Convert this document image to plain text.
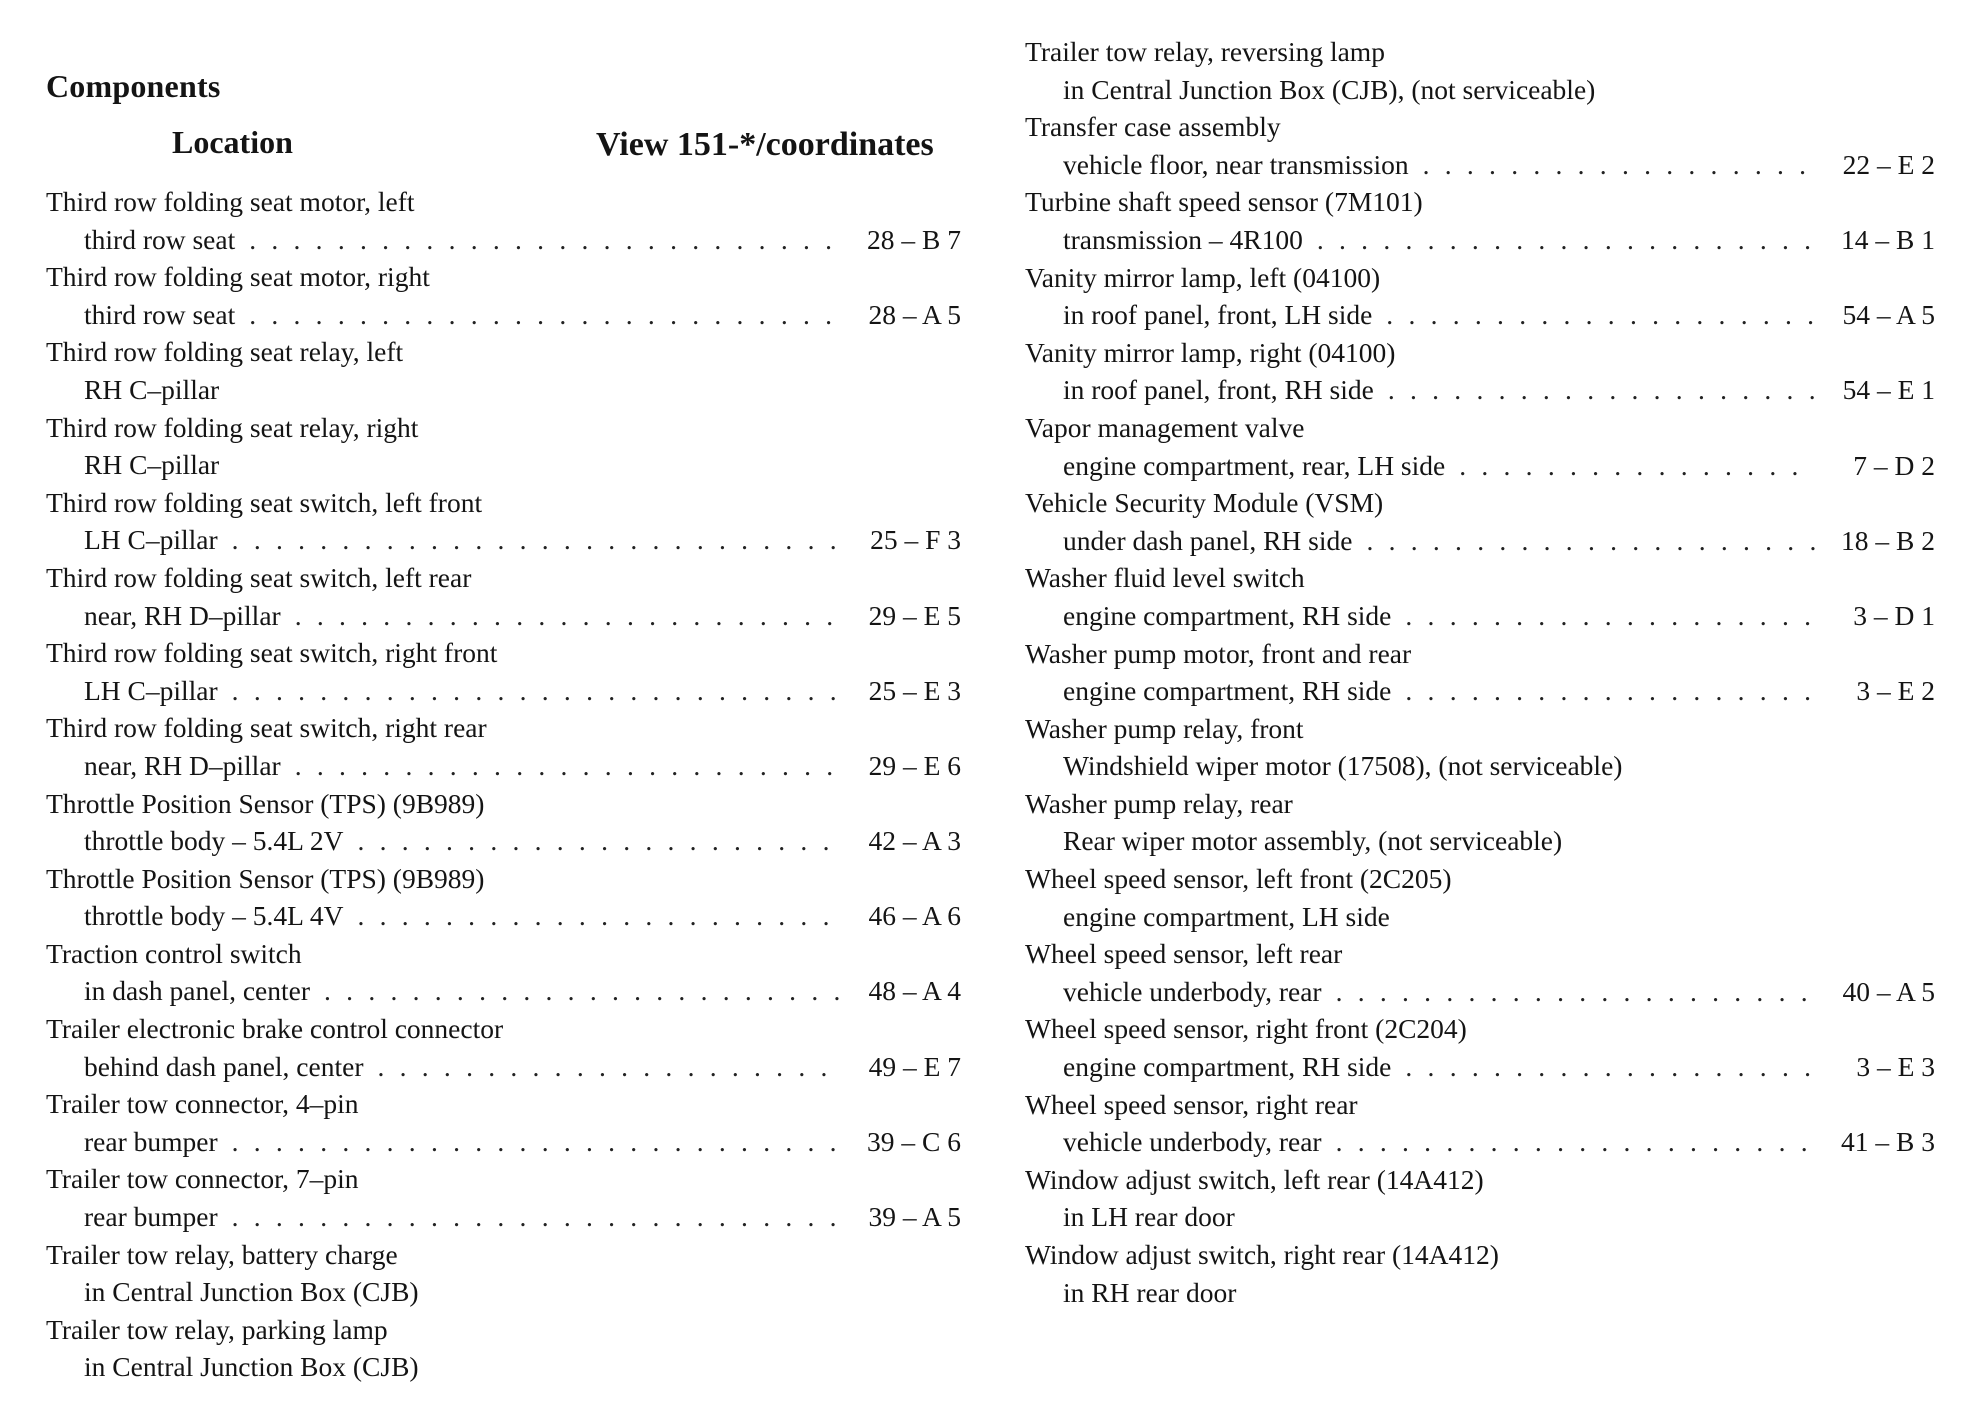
Components
Location	View 151-*/coordinates
Third row folding seat motor, left
third row seat . . .	28 – B 7
Third row folding seat motor, right
third row seat . . .	28 – A 5
Third row folding seat relay, left
RH C–pillar
Third row folding seat relay, right
RH C–pillar
Third row folding seat switch, left front
LH C–pillar . . .	25 – F 3
Third row folding seat switch, left rear
near, RH D–pillar . . .	29 – E 5
Third row folding seat switch, right front
LH C–pillar . . .	25 – E 3
Third row folding seat switch, right rear
near, RH D–pillar . . .	29 – E 6
Throttle Position Sensor (TPS) (9B989)
throttle body – 5.4L 2V . . .	42 – A 3
Throttle Position Sensor (TPS) (9B989)
throttle body – 5.4L 4V . . .	46 – A 6
Traction control switch
in dash panel, center . . .	48 – A 4
Trailer electronic brake control connector
behind dash panel, center . . .	49 – E 7
Trailer tow connector, 4–pin
rear bumper . . .	39 – C 6
Trailer tow connector, 7–pin
rear bumper . . .	39 – A 5
Trailer tow relay, battery charge
in Central Junction Box (CJB)
Trailer tow relay, parking lamp
in Central Junction Box (CJB)
Trailer tow relay, reversing lamp
in Central Junction Box (CJB), (not serviceable)
Transfer case assembly
vehicle floor, near transmission . . .	22 – E 2
Turbine shaft speed sensor (7M101)
transmission – 4R100 . . .	14 – B 1
Vanity mirror lamp, left (04100)
in roof panel, front, LH side . . .	54 – A 5
Vanity mirror lamp, right (04100)
in roof panel, front, RH side . . .	54 – E 1
Vapor management valve
engine compartment, rear, LH side . . .	7 – D 2
Vehicle Security Module (VSM)
under dash panel, RH side . . .	18 – B 2
Washer fluid level switch
engine compartment, RH side . . .	3 – D 1
Washer pump motor, front and rear
engine compartment, RH side . . .	3 – E 2
Washer pump relay, front
Windshield wiper motor (17508), (not serviceable)
Washer pump relay, rear
Rear wiper motor assembly, (not serviceable)
Wheel speed sensor, left front (2C205)
engine compartment, LH side
Wheel speed sensor, left rear
vehicle underbody, rear . . .	40 – A 5
Wheel speed sensor, right front (2C204)
engine compartment, RH side . . .	3 – E 3
Wheel speed sensor, right rear
vehicle underbody, rear . . .	41 – B 3
Window adjust switch, left rear (14A412)
in LH rear door
Window adjust switch, right rear (14A412)
in RH rear door
